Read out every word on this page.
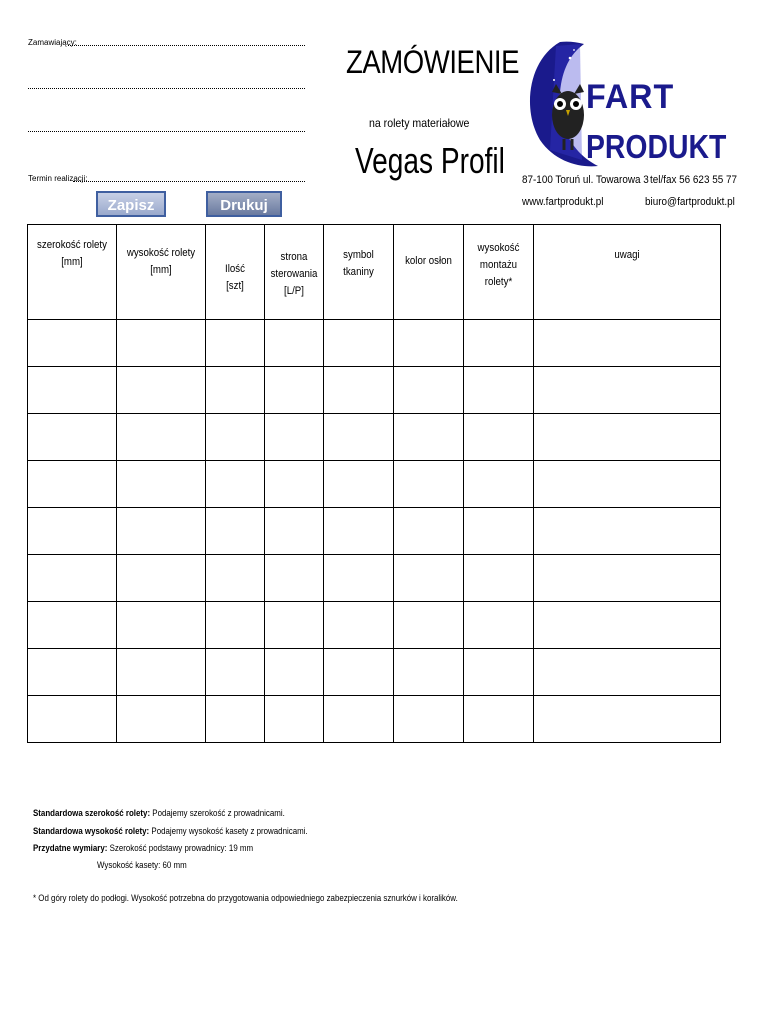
Zamawiający:
Termin realizacji:
ZAMÓWIENIE
na rolety materiałowe
Vegas Profil
Zapisz	Drukuj
FART
PRODUKT
87-100 Toruń ul. Towarowa 3 tel/fax 56 623 55 77
www.fartprodukt.pl	biuro@fartprodukt.pl
szerokość rolety
[mm]	wysokość rolety
[mm]	Ilość
[szt]	strona
sterowania
[L/P]	symbol tkaniny	kolor osłon	wysokość
montażu
rolety*	uwagi

Standardowa szerokość rolety: Podajemy szerokość z prowadnicami.
Standardowa wysokość rolety: Podajemy wysokość kasety z prowadnicami.
Przydatne wymiary: Szerokość podstawy prowadnicy: 19 mm
Wysokość kasety: 60 mm
* Od góry rolety do podłogi. Wysokość potrzebna do przygotowania odpowiedniego zabezpieczenia sznurków i koralików.
